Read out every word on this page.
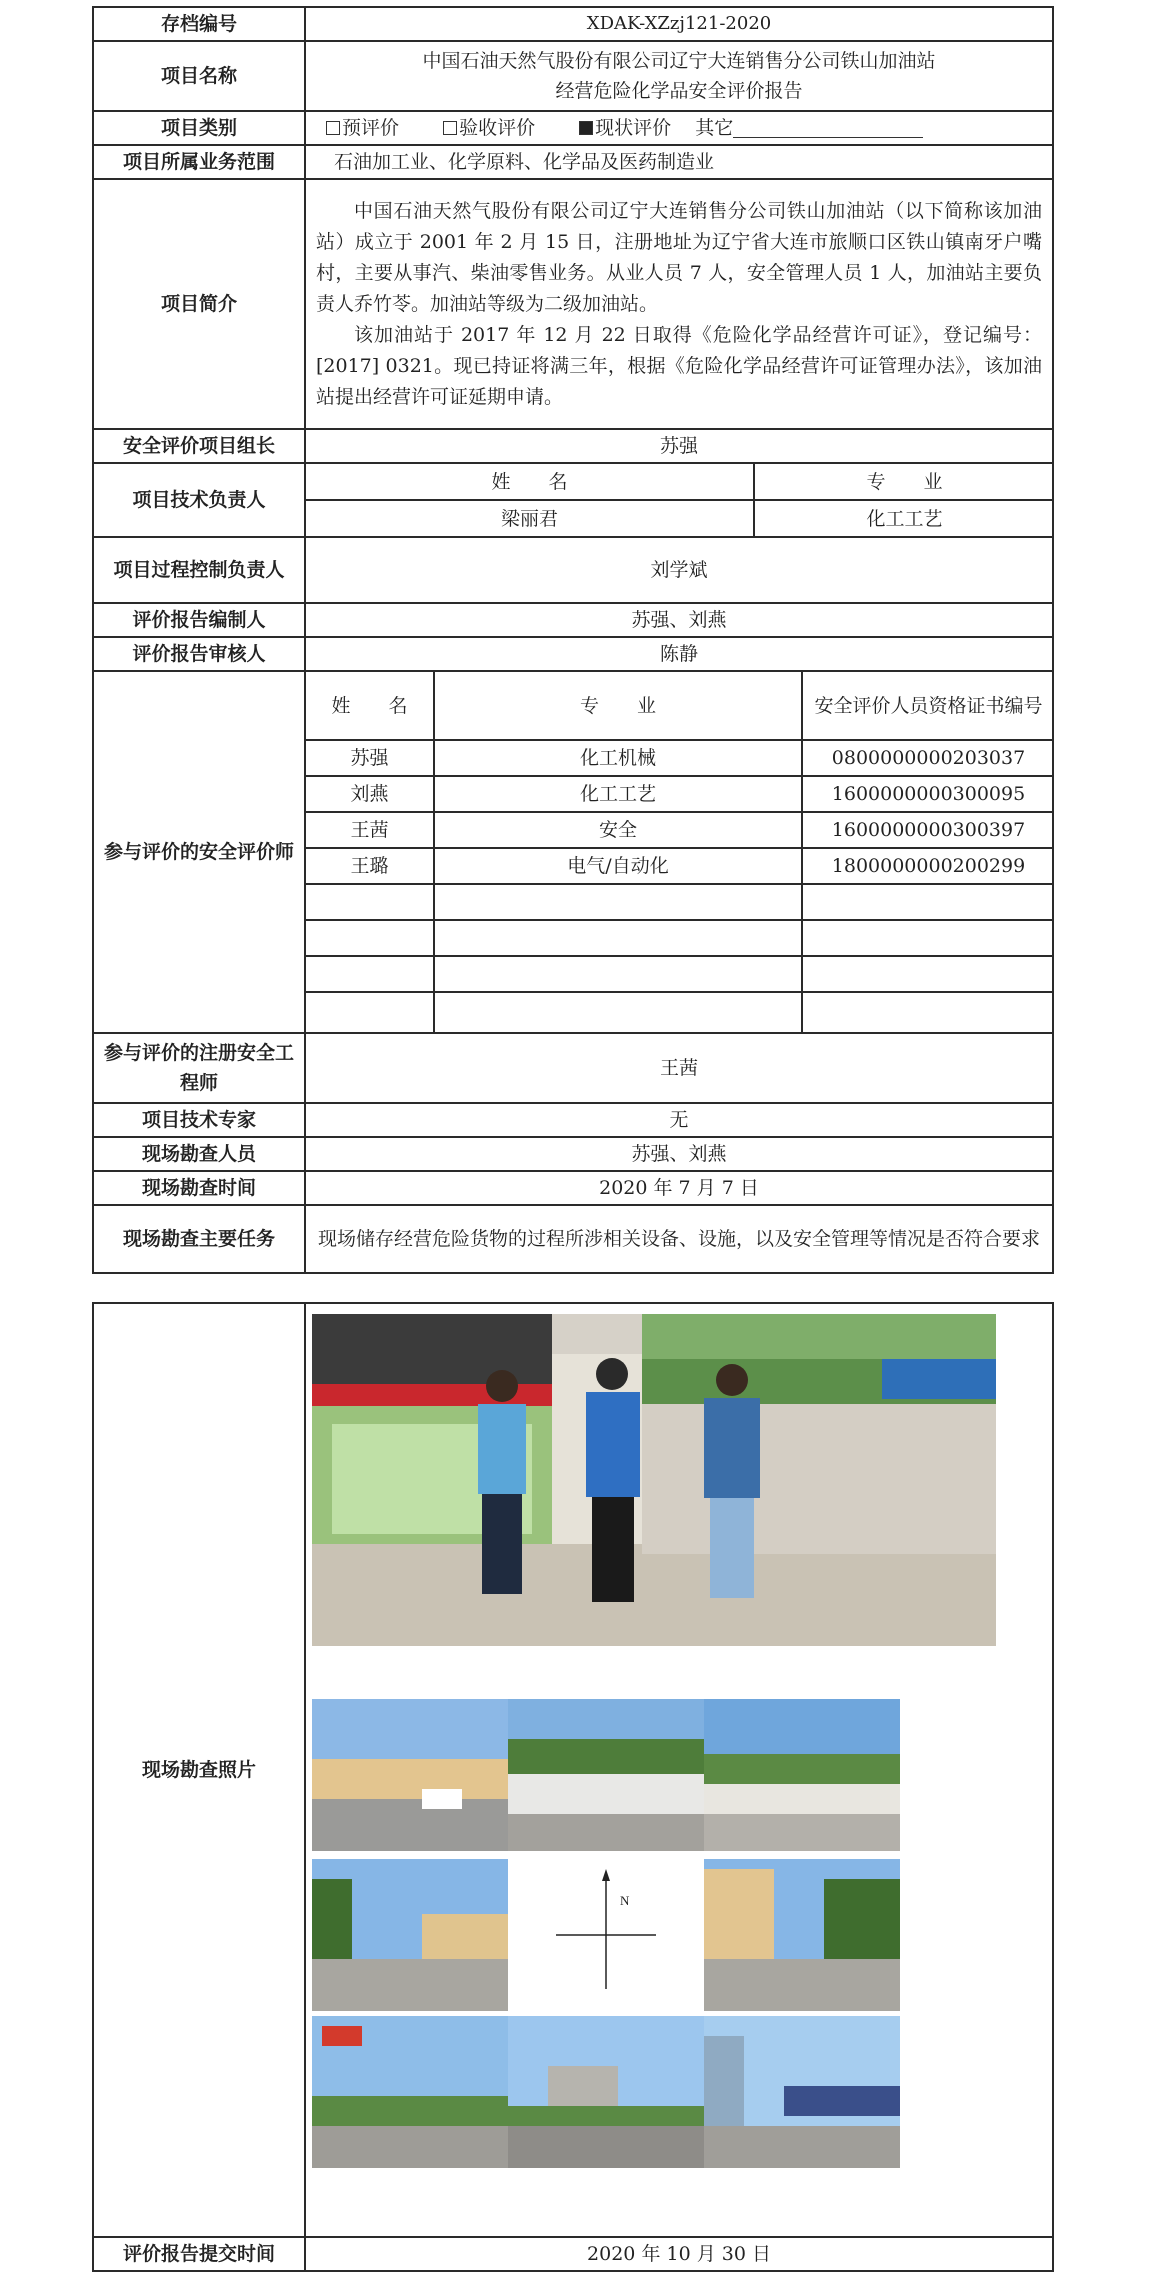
存档编号	XDAK-XZzj121-2020
项目名称	
中国石油天然气股份有限公司辽宁大连销售分公司铁山加油站
经营危险化学品安全评价报告

项目类别	预评价	验收评价	现状评价 其它
项目所属业务范围	石油加工业、化学原料、化学品及医药制造业
项目简介	

中国石油天然气股份有限公司辽宁大连销售分公司铁山加油站（以下简称该加油站）成立于 2001 年 2 月 15 日，注册地址为辽宁省大连市旅顺口区铁山镇南牙户嘴村，主要从事汽、柴油零售业务。从业人员 7 人，安全管理人员 1 人，加油站主要负责人乔竹苓。加油站等级为二级加油站。

该加油站于 2017 年 12 月 22 日取得《危险化学品经营许可证》，登记编号：[2017] 0321。现已持证将满三年，根据《危险化学品经营许可证管理办法》，该加油站提出经营许可证延期申请。

安全评价项目组长	苏强
项目技术负责人	
姓　　名	专　　业
梁丽君	化工工艺

项目过程控制负责人	刘学斌
评价报告编制人	苏强、刘燕
评价报告审核人	陈静
参与评价的安全评价师	
姓　　名	专　　业	安全评价人员资格证书编号
苏强	化工机械	0800000000203037
刘燕	化工工艺	1600000000300095
王茜	安全	1600000000300397
王璐	电气/自动化	1800000000200299

参与评价的注册安全工程师	王茜
项目技术专家	无
现场勘查人员	苏强、刘燕
现场勘查时间	2020 年 7 月 7 日
现场勘查主要任务	现场储存经营危险货物的过程所涉相关设备、设施，以及安全管理等情况是否符合要求
现场勘查照片	N

评价报告提交时间	2020 年 10 月 30 日
